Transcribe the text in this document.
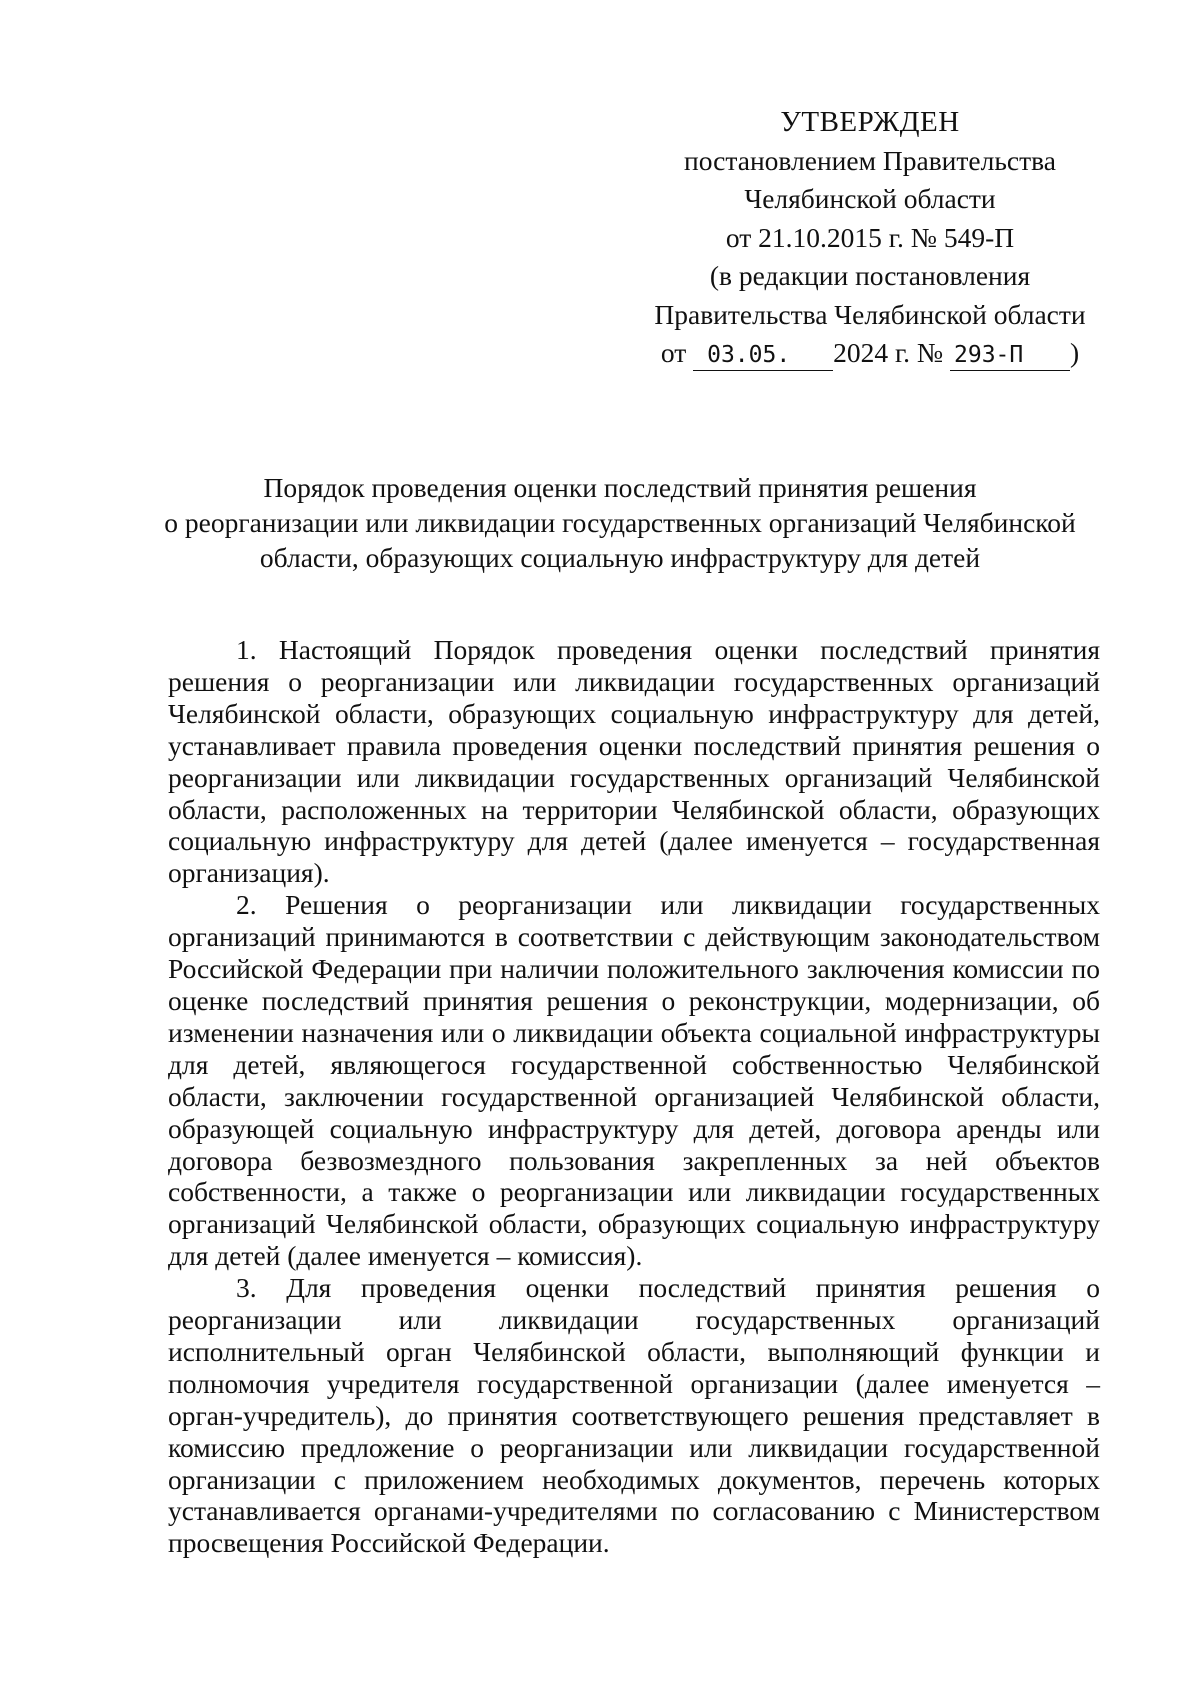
УТВЕРЖДЕН
постановлением Правительства
Челябинской области
от 21.10.2015 г. № 549-П
(в редакции постановления
Правительства Челябинской области
от 03.05. 2024 г. № 293-П )
Порядок проведения оценки последствий принятия решения
о реорганизации или ликвидации государственных организаций Челябинской
области, образующих социальную инфраструктуру для детей

1. Настоящий Порядок проведения оценки последствий принятия решения о реорганизации или ликвидации государственных организаций Челябинской области, образующих социальную инфраструктуру для детей, устанавливает правила проведения оценки последствий принятия решения о реорганизации или ликвидации государственных организаций Челябинской области, расположенных на территории Челябинской области, образующих социальную инфраструктуру для детей (далее именуется – государственная организация).

2. Решения о реорганизации или ликвидации государственных организаций принимаются в соответствии с действующим законодательством Российской Федерации при наличии положительного заключения комиссии по оценке последствий принятия решения о реконструкции, модернизации, об изменении назначения или о ликвидации объекта социальной инфраструктуры для детей, являющегося государственной собственностью Челябинской области, заключении государственной организацией Челябинской области, образующей социальную инфраструктуру для детей, договора аренды или договора безвозмездного пользования закрепленных за ней объектов собственности, а также о реорганизации или ликвидации государственных организаций Челябинской области, образующих социальную инфраструктуру для детей (далее именуется – комиссия).

3. Для проведения оценки последствий принятия решения о реорганизации или ликвидации государственных организаций исполнительный орган Челябинской области, выполняющий функции и полномочия учредителя государственной организации (далее именуется – орган-учредитель), до принятия соответствующего решения представляет в комиссию предложение о реорганизации или ликвидации государственной организации с приложением необходимых документов, перечень которых устанавливается органами-учредителями по согласованию с Министерством просвещения Российской Федерации.
